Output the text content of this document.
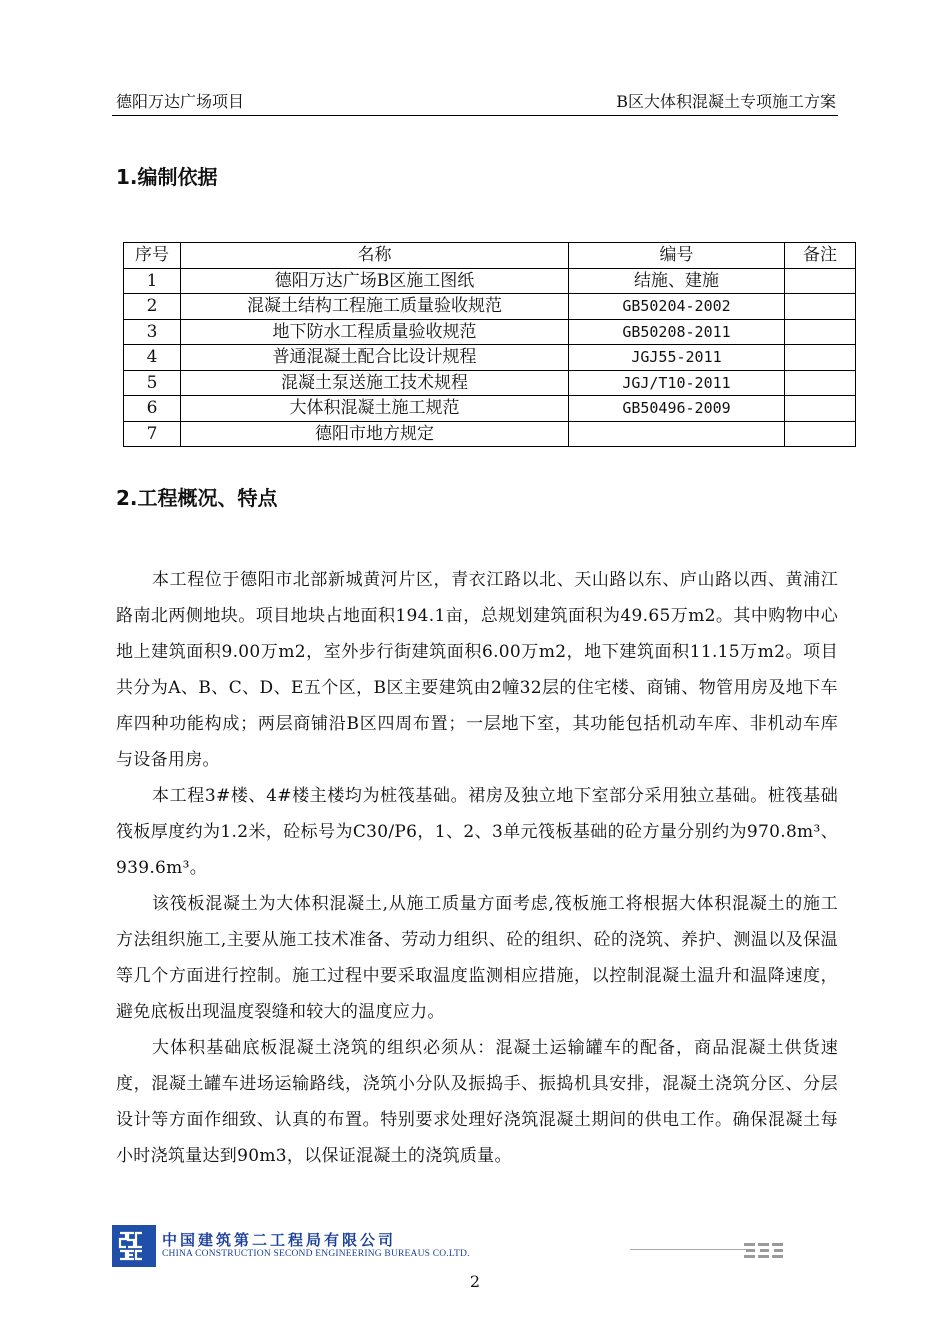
德阳万达广场项目	B区大体积混凝土专项施工方案
1.编制依据
序号	名称	编号	备注
1	德阳万达广场B区施工图纸	结施、建施	
2	混凝土结构工程施工质量验收规范	GB50204-2002	
3	地下防水工程质量验收规范	GB50208-2011	
4	普通混凝土配合比设计规程	JGJ55-2011	
5	混凝土泵送施工技术规程	JGJ/T10-2011	
6	大体积混凝土施工规范	GB50496-2009	
7	德阳市地方规定		
2.工程概况、特点

本工程位于德阳市北部新城黄河片区，青衣江路以北、天山路以东、庐山路以西、黄浦江路南北两侧地块。项目地块占地面积194.1亩，总规划建筑面积为49.65万m2。其中购物中心地上建筑面积9.00万m2，室外步行街建筑面积6.00万m2，地下建筑面积11.15万m2。项目共分为A、B、C、D、E五个区，B区主要建筑由2幢32层的住宅楼、商铺、物管用房及地下车库四种功能构成；两层商铺沿B区四周布置；一层地下室，其功能包括机动车库、非机动车库与设备用房。

本工程3#楼、4#楼主楼均为桩筏基础。裙房及独立地下室部分采用独立基础。桩筏基础筏板厚度约为1.2米，砼标号为C30/P6，1、2、3单元筏板基础的砼方量分别约为970.8m³、939.6m³。

该筏板混凝土为大体积混凝土,从施工质量方面考虑,筏板施工将根据大体积混凝土的施工方法组织施工,主要从施工技术准备、劳动力组织、砼的组织、砼的浇筑、养护、测温以及保温等几个方面进行控制。施工过程中要采取温度监测相应措施，以控制混凝土温升和温降速度，避免底板出现温度裂缝和较大的温度应力。

大体积基础底板混凝土浇筑的组织必须从：混凝土运输罐车的配备，商品混凝土供货速度，混凝土罐车进场运输路线，浇筑小分队及振捣手、振捣机具安排，混凝土浇筑分区、分层设计等方面作细致、认真的布置。特别要求处理好浇筑混凝土期间的供电工作。确保混凝土每小时浇筑量达到90m3，以保证混凝土的浇筑质量。

中国建筑第二工程局有限公司
CHINA CONSTRUCTION SECOND ENGINEERING BUREAUS CO.LTD.
2
